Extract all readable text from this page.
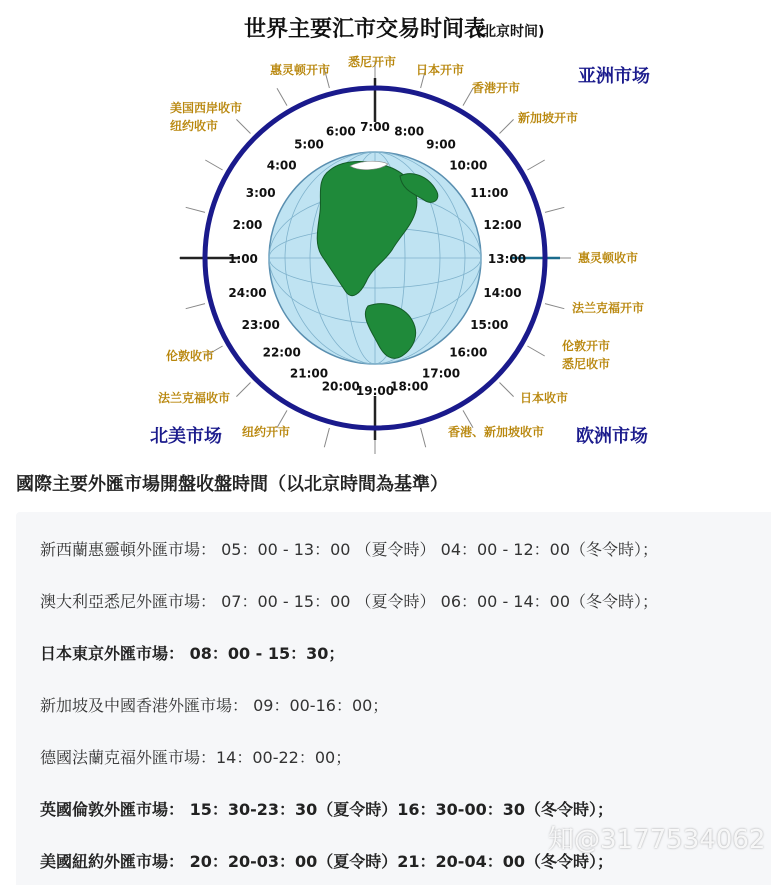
世界主要汇市交易时间表
(北京时间)
亚洲市场
北美市场	欧洲市场
7:00 8:00
9:00
10:00
11:00
12:00
13:00
14:00
15:00
16:00
17:00
18:00
19:00
20:00
21:00
22:00
23:00
24:00
1:00
2:00
3:00
4:00
5:00
6:00
惠灵顿开市
悉尼开市
日本开市
香港开市
新加坡开市
惠灵顿收市
法兰克福开市
伦敦开市
悉尼收市
日本收市
香港、新加坡收市
纽约开市
法兰克福收市
伦敦收市
美国西岸收市
纽约收市
國際主要外匯市場開盤收盤時間（以北京時間為基準）
新西蘭惠靈頓外匯市場： 05：00 - 13：00 （夏令時） 04：00 - 12：00（冬令時）；
澳大利亞悉尼外匯市場： 07：00 - 15：00 （夏令時） 06：00 - 14：00（冬令時）；
日本東京外匯市場： 08：00 - 15：30；
新加坡及中國香港外匯市場： 09：00-16：00；
德國法蘭克福外匯市場：14：00-22：00；
英國倫敦外匯市場： 15：30-23：30（夏令時）16：30-00：30（冬令時）；
美國紐約外匯市場： 20：20-03：00（夏令時）21：20-04：00（冬令時）；
知@3177534062
